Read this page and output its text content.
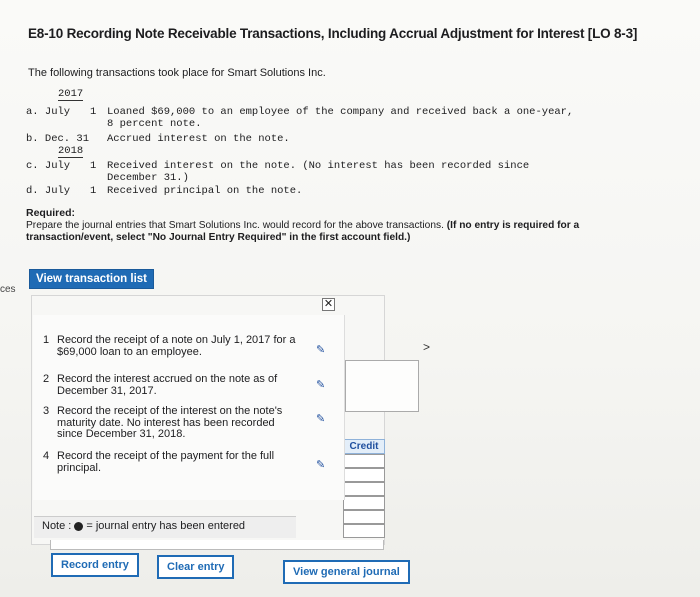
E8-10 Recording Note Receivable Transactions, Including Accrual Adjustment for Interest [LO 8-3]
The following transactions took place for Smart Solutions Inc.
2017
a. July 1 Loaned $69,000 to an employee of the company and received back a one-year,
8 percent note.
b. Dec. 31 Accrued interest on the note.
2018
c. July 1 Received interest on the note. (No interest has been recorded since
December 31.)
d. July 1 Received principal on the note.
Required:
Prepare the journal entries that Smart Solutions Inc. would record for the above transactions. (If no entry is required for a transaction/event, select "No Journal Entry Required" in the first account field.)
View transaction list
ces
>
Credit
✕
1 Record the receipt of a note on July 1, 2017 for a $69,000 loan to an employee.	✎
2 Record the interest accrued on the note as of December 31, 2017.	✎
3 Record the receipt of the interest on the note's maturity date. No interest has been recorded since December 31, 2018.
✎
4 Record the receipt of the payment for the full principal.	✎
Note : = journal entry has been entered
Record entry	Clear entry	View general journal
